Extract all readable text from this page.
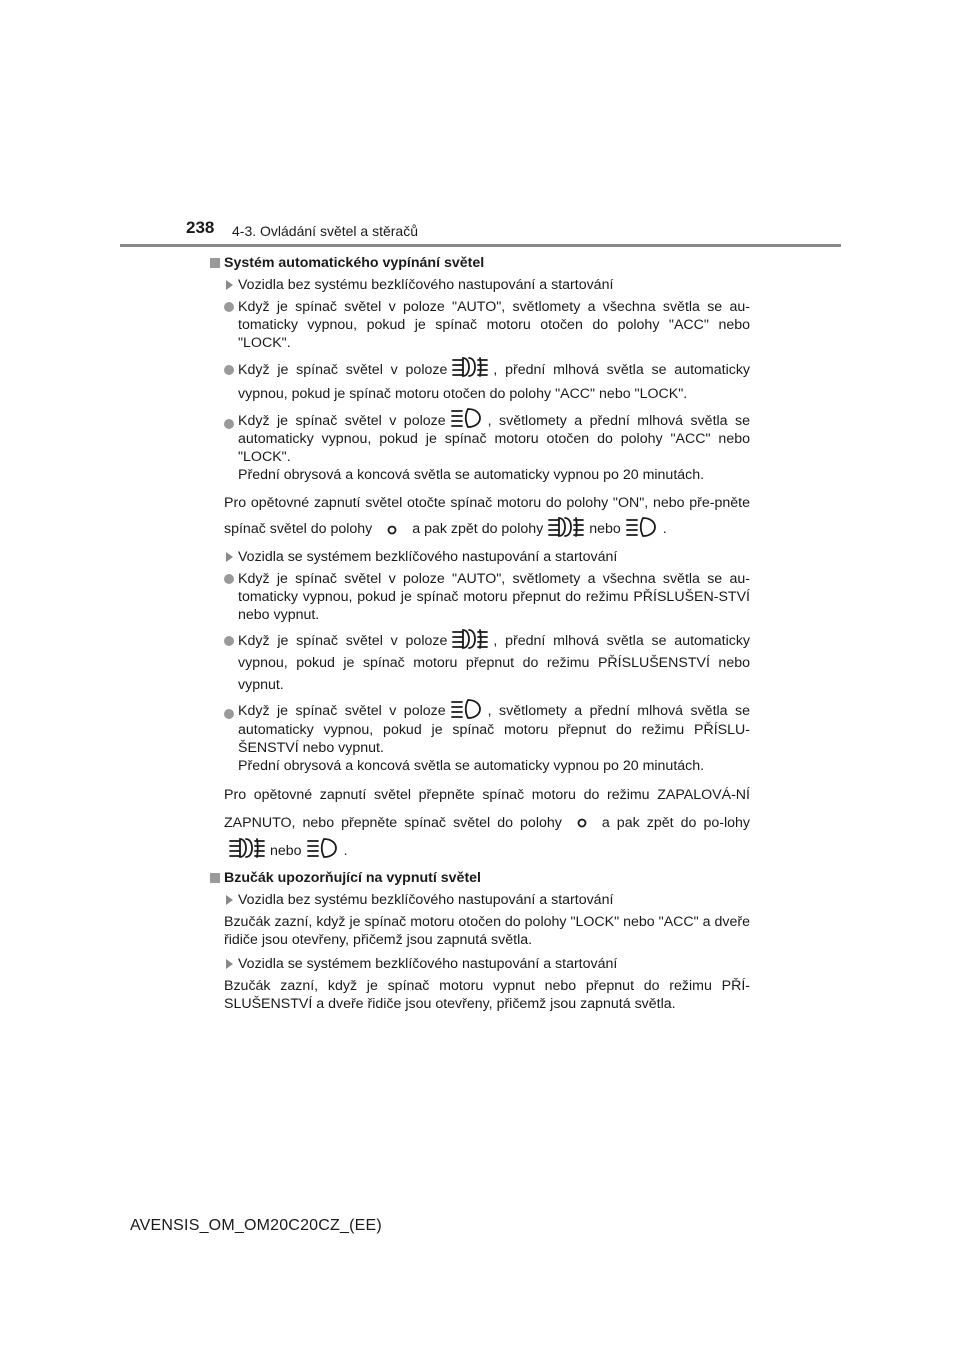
238 4-3. Ovládání světel a stěračů
Systém automatického vypínání světel
Vozidla bez systému bezklíčového nastupování a startování
Když je spínač světel v poloze "AUTO", světlomety a všechna světla se au-tomaticky vypnou, pokud je spínač motoru otočen do polohy "ACC" nebo "LOCK".
Když je spínač světel v poloze	, přední mlhová světla se automaticky vypnou, pokud je spínač motoru otočen do polohy "ACC" nebo "LOCK".
Když je spínač světel v poloze	, světlomety a přední mlhová světla se automaticky vypnou, pokud je spínač motoru otočen do polohy "ACC" nebo "LOCK".
Přední obrysová a koncová světla se automaticky vypnou po 20 minutách.
Pro opětovné zapnutí světel otočte spínač motoru do polohy "ON", nebo pře-pněte spínač světel do polohy	a pak zpět do polohy	nebo	.
Vozidla se systémem bezklíčového nastupování a startování
Když je spínač světel v poloze "AUTO", světlomety a všechna světla se au-tomaticky vypnou, pokud je spínač motoru přepnut do režimu PŘÍSLUŠEN-STVÍ nebo vypnut.
Když je spínač světel v poloze	, přední mlhová světla se automaticky vypnou, pokud je spínač motoru přepnut do režimu PŘÍSLUŠENSTVÍ nebo vypnut.
Když je spínač světel v poloze	, světlomety a přední mlhová světla se automaticky vypnou, pokud je spínač motoru přepnut do režimu PŘÍSLU-ŠENSTVÍ nebo vypnut.
Přední obrysová a koncová světla se automaticky vypnou po 20 minutách.
Pro opětovné zapnutí světel přepněte spínač motoru do režimu ZAPALOVÁ-NÍ ZAPNUTO, nebo přepněte spínač světel do polohy	a pak zpět do po-lohynebo	.
Bzučák upozorňující na vypnutí světel
Vozidla bez systému bezklíčového nastupování a startování
Bzučák zazní, když je spínač motoru otočen do polohy "LOCK" nebo "ACC" a dveře řidiče jsou otevřeny, přičemž jsou zapnutá světla.
Vozidla se systémem bezklíčového nastupování a startování
Bzučák zazní, když je spínač motoru vypnut nebo přepnut do režimu PŘÍ-SLUŠENSTVÍ a dveře řidiče jsou otevřeny, přičemž jsou zapnutá světla.
AVENSIS_OM_OM20C20CZ_(EE)
